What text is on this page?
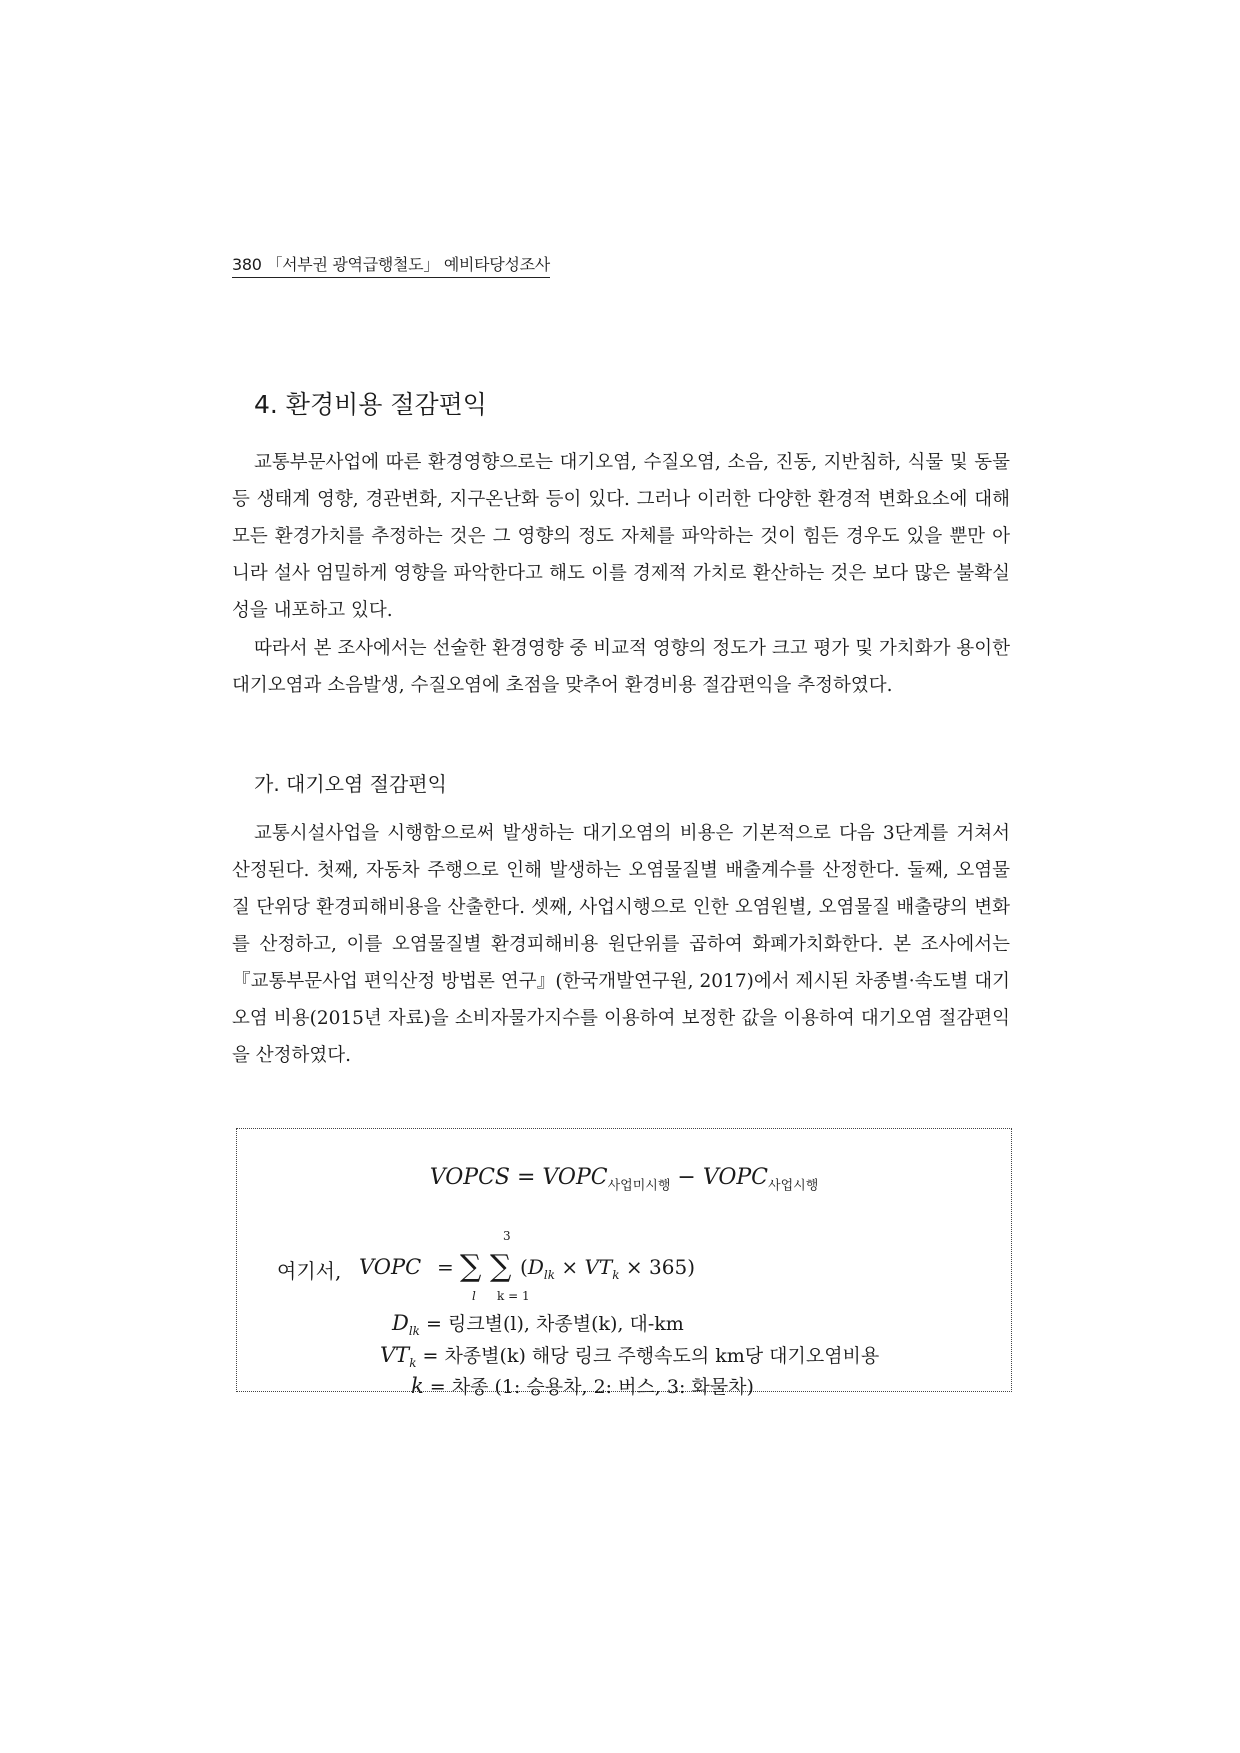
380 「서부권 광역급행철도」 예비타당성조사
4. 환경비용 절감편익

교통부문사업에 따른 환경영향으로는 대기오염, 수질오염, 소음, 진동, 지반침하, 식물 및 동물 등 생태계 영향, 경관변화, 지구온난화 등이 있다. 그러나 이러한 다양한 환경적 변화요소에 대해 모든 환경가치를 추정하는 것은 그 영향의 정도 자체를 파악하는 것이 힘든 경우도 있을 뿐만 아니라 설사 엄밀하게 영향을 파악한다고 해도 이를 경제적 가치로 환산하는 것은 보다 많은 불확실성을 내포하고 있다.

따라서 본 조사에서는 선술한 환경영향 중 비교적 영향의 정도가 크고 평가 및 가치화가 용이한 대기오염과 소음발생, 수질오염에 초점을 맞추어 환경비용 절감편익을 추정하였다.

가. 대기오염 절감편익

교통시설사업을 시행함으로써 발생하는 대기오염의 비용은 기본적으로 다음 3단계를 거쳐서 산정된다. 첫째, 자동차 주행으로 인해 발생하는 오염물질별 배출계수를 산정한다. 둘째, 오염물질 단위당 환경피해비용을 산출한다. 셋째, 사업시행으로 인한 오염원별, 오염물질 배출량의 변화를 산정하고, 이를 오염물질별 환경피해비용 원단위를 곱하여 화폐가치화한다. 본 조사에서는『교통부문사업 편익산정 방법론 연구』(한국개발연구원, 2017)에서 제시된 차종별·속도별 대기오염 비용(2015년 자료)을 소비자물가지수를 이용하여 보정한 값을 이용하여 대기오염 절감편익을 산정하였다.

VOPCS = $VOPC_{사업미시행}$ − $VOPC_{사업시행}$
여기서, VOPC = ∑ ∑
3
l k = 1
$(D_{lk} \times VT_k \times 365)$
$D_{lk}$ = 링크별(l), 차종별(k), 대-km
$VT_k$ = 차종별(k) 해당 링크 주행속도의 km당 대기오염비용
k = 차종 (1: 승용차, 2: 버스, 3: 화물차)
